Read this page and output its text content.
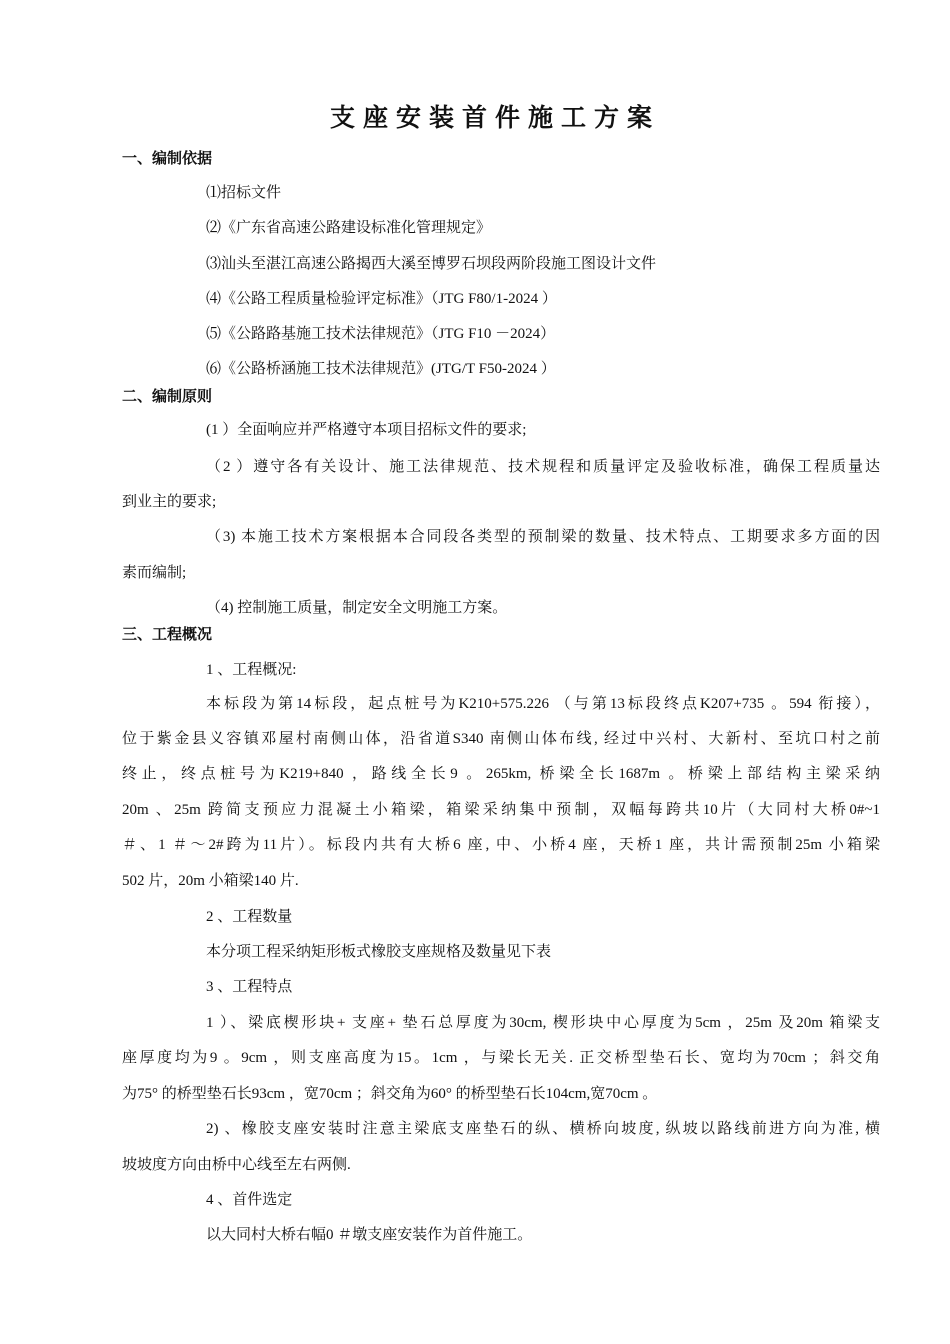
支座安装首件施工方案
一、编制依据
⑴招标文件
⑵《广东省高速公路建设标准化管理规定》
⑶汕头至湛江高速公路揭西大溪至博罗石坝段两阶段施工图设计文件
⑷《公路工程质量检验评定标准》（JTG F80/1-2024 ）
⑸《公路路基施工技术法律规范》（JTG F10 －2024）
⑹《公路桥涵施工技术法律规范》(JTG/T F50-2024 ）
二、编制原则
(1 ）全面响应并严格遵守本项目招标文件的要求;
（2 ）遵守各有关设计、施工法律规范、技术规程和质量评定及验收标准，确保工程质量达
到业主的要求;
（3) 本施工技术方案根据本合同段各类型的预制梁的数量、技术特点、工期要求多方面的因
素而编制;
（4) 控制施工质量，制定安全文明施工方案。
三、工程概况
1 、工程概况:
本标段为第14标段，起点桩号为K210+575.226 （与第13标段终点K207+735 。594 衔接），
位于紫金县义容镇邓屋村南侧山体，沿省道S340 南侧山体布线, 经过中兴村、大新村、至坑口村之前
终止，终点桩号为K219+840 ，路线全长9 。265km, 桥梁全长1687m 。桥梁上部结构主梁采纳
20m 、25m 跨简支预应力混凝土小箱梁，箱梁采纳集中预制，双幅每跨共10片（大同村大桥0#~1
＃、1 ＃～2#跨为11片）。标段内共有大桥6 座, 中、小桥4 座，天桥1 座，共计需预制25m 小箱梁
502 片，20m 小箱梁140 片.
2 、工程数量
本分项工程采纳矩形板式橡胶支座规格及数量见下表
3 、工程特点
1 ）、梁底楔形块+ 支座+ 垫石总厚度为30cm, 楔形块中心厚度为5cm ，25m 及20m 箱梁支
座厚度均为9 。9cm ，则支座高度为15。1cm ，与梁长无关. 正交桥型垫石长、宽均为70cm ；斜交角
为75° 的桥型垫石长93cm ，宽70cm ；斜交角为60° 的桥型垫石长104cm,宽70cm 。
2) 、橡胶支座安装时注意主梁底支座垫石的纵、横桥向坡度, 纵坡以路线前进方向为准, 横
坡坡度方向由桥中心线至左右两侧.
4 、首件选定
以大同村大桥右幅0 ＃墩支座安装作为首件施工。
